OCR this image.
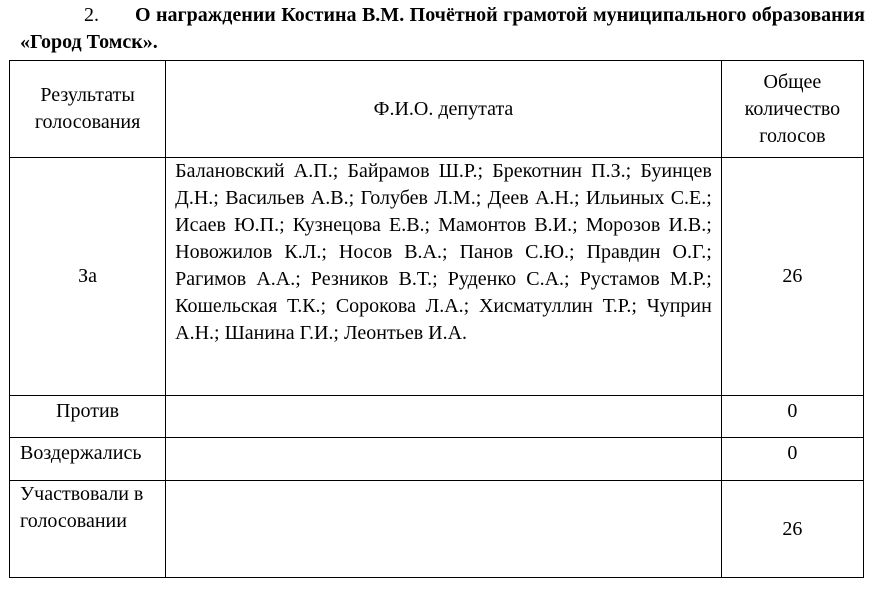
2. О награждении Костина В.М. Почётной грамотой муниципального образования «Город Томск».
Результаты голосования	Ф.И.О. депутата	Общее количество голосов
За	Балановский А.П.; Байрамов Ш.Р.; Брекотнин П.З.; Буинцев Д.Н.; Васильев А.В.; Голубев Л.М.; Деев А.Н.; Ильиных С.Е.; Исаев Ю.П.; Кузнецова Е.В.; Мамонтов В.И.; Морозов И.В.; Новожилов К.Л.; Носов В.А.; Панов С.Ю.; Правдин О.Г.; Рагимов А.А.; Резников В.Т.; Руденко С.А.; Рустамов М.Р.; Кошельская Т.К.; Сорокова Л.А.; Хисматуллин Т.Р.; Чуприн А.Н.; Шанина Г.И.; Леонтьев И.А.	26
Против		0
Воздержались		0
Участвовали в голосовании		26
